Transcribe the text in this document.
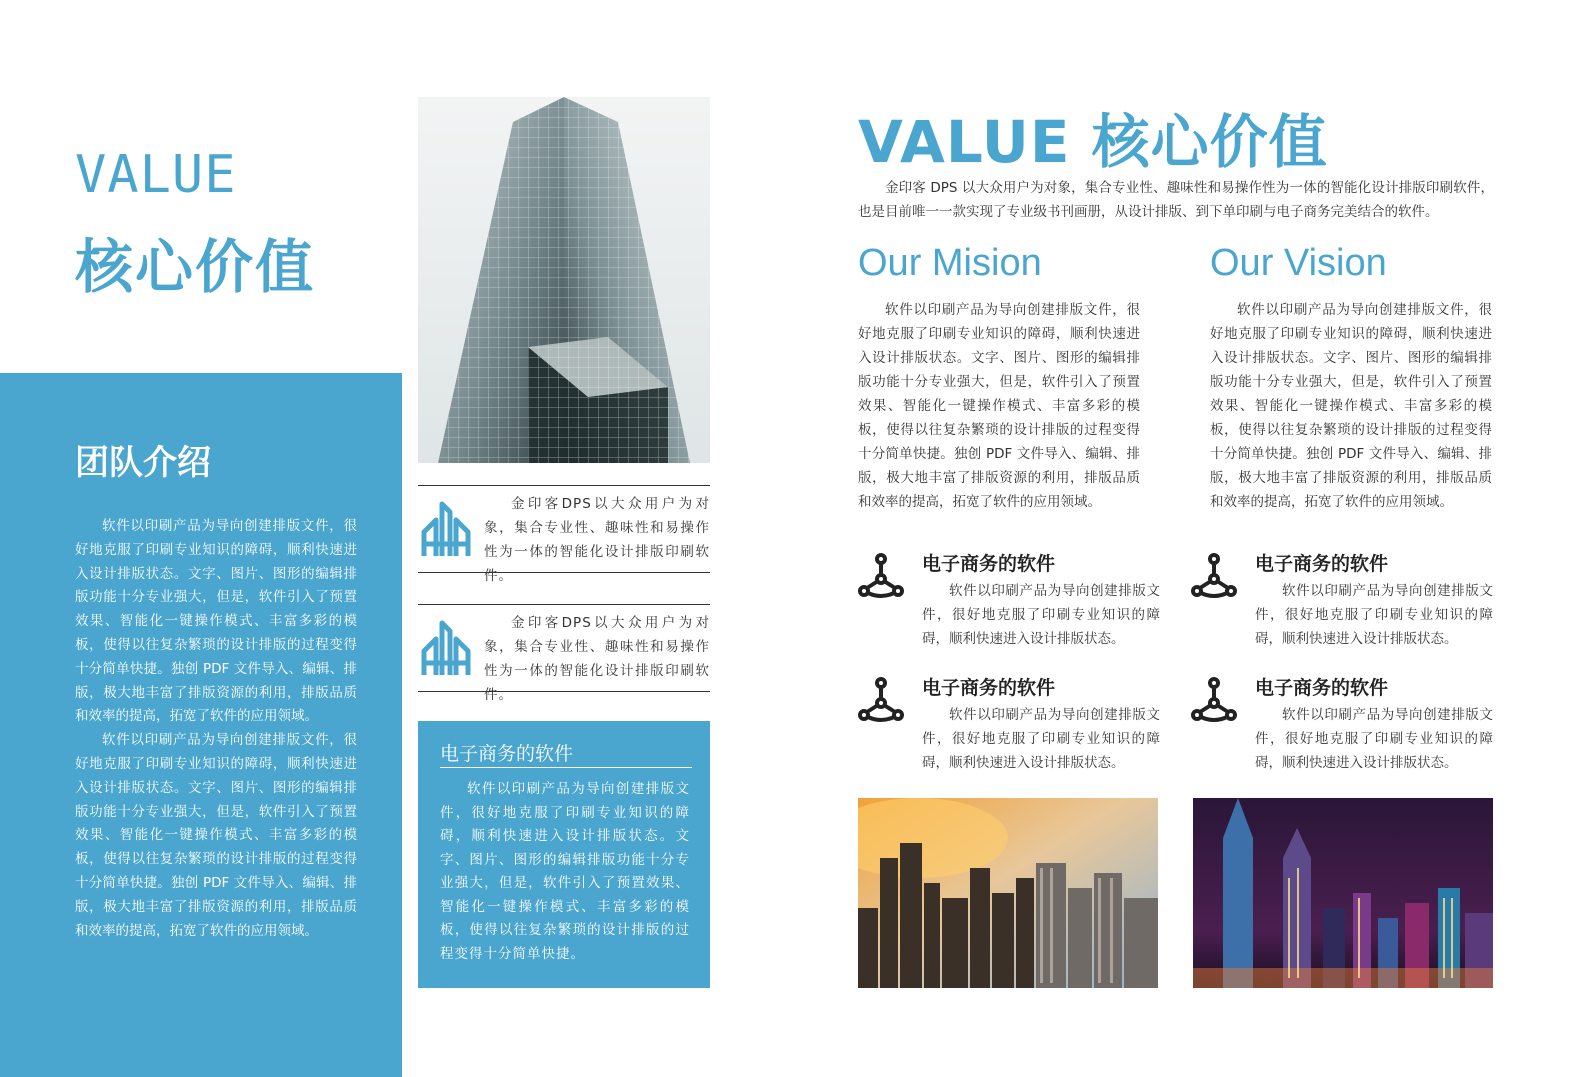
VALUE
核心价值
团队介绍

软件以印刷产品为导向创建排版文件，很好地克服了印刷专业知识的障碍，顺利快速进入设计排版状态。文字、图片、图形的编辑排版功能十分专业强大，但是，软件引入了预置效果、智能化一键操作模式、丰富多彩的模板，使得以往复杂繁琐的设计排版的过程变得十分简单快捷。独创 PDF 文件导入、编辑、排版，极大地丰富了排版资源的利用，排版品质和效率的提高，拓宽了软件的应用领域。

软件以印刷产品为导向创建排版文件，很好地克服了印刷专业知识的障碍，顺利快速进入设计排版状态。文字、图片、图形的编辑排版功能十分专业强大，但是，软件引入了预置效果、智能化一键操作模式、丰富多彩的模板，使得以往复杂繁琐的设计排版的过程变得十分简单快捷。独创 PDF 文件导入、编辑、排版，极大地丰富了排版资源的利用，排版品质和效率的提高，拓宽了软件的应用领域。

金印客DPS以大众用户为对象，集合专业性、趣味性和易操作性为一体的智能化设计排版印刷软件。

金印客DPS以大众用户为对象，集合专业性、趣味性和易操作性为一体的智能化设计排版印刷软件。

电子商务的软件

软件以印刷产品为导向创建排版文件，很好地克服了印刷专业知识的障碍，顺利快速进入设计排版状态。文字、图片、图形的编辑排版功能十分专业强大，但是，软件引入了预置效果、智能化一键操作模式、丰富多彩的模板，使得以往复杂繁琐的设计排版的过程变得十分简单快捷。

VALUE 核心价值

金印客 DPS 以大众用户为对象，集合专业性、趣味性和易操作性为一体的智能化设计排版印刷软件，也是目前唯一一款实现了专业级书刊画册，从设计排版、到下单印刷与电子商务完美结合的软件。

Our Mision	Our Vision

软件以印刷产品为导向创建排版文件，很好地克服了印刷专业知识的障碍，顺利快速进入设计排版状态。文字、图片、图形的编辑排版功能十分专业强大，但是，软件引入了预置效果、智能化一键操作模式、丰富多彩的模板，使得以往复杂繁琐的设计排版的过程变得十分简单快捷。独创 PDF 文件导入、编辑、排版，极大地丰富了排版资源的利用，排版品质和效率的提高，拓宽了软件的应用领域。

软件以印刷产品为导向创建排版文件，很好地克服了印刷专业知识的障碍，顺利快速进入设计排版状态。文字、图片、图形的编辑排版功能十分专业强大，但是，软件引入了预置效果、智能化一键操作模式、丰富多彩的模板，使得以往复杂繁琐的设计排版的过程变得十分简单快捷。独创 PDF 文件导入、编辑、排版，极大地丰富了排版资源的利用，排版品质和效率的提高，拓宽了软件的应用领域。

电子商务的软件

软件以印刷产品为导向创建排版文件，很好地克服了印刷专业知识的障碍，顺利快速进入设计排版状态。

电子商务的软件

软件以印刷产品为导向创建排版文件，很好地克服了印刷专业知识的障碍，顺利快速进入设计排版状态。

电子商务的软件

软件以印刷产品为导向创建排版文件，很好地克服了印刷专业知识的障碍，顺利快速进入设计排版状态。

电子商务的软件

软件以印刷产品为导向创建排版文件，很好地克服了印刷专业知识的障碍，顺利快速进入设计排版状态。
